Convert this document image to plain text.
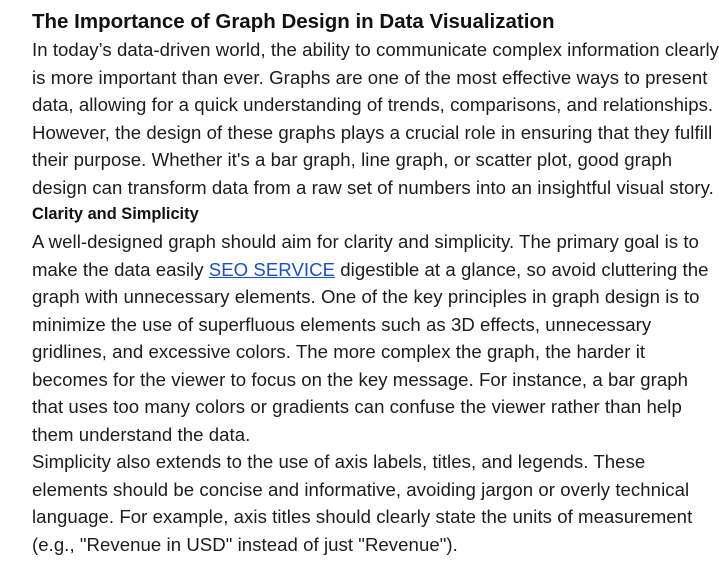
The Importance of Graph Design in Data Visualization

In today’s data-driven world, the ability to communicate complex information clearly is more important than ever. Graphs are one of the most effective ways to present data, allowing for a quick understanding of trends, comparisons, and relationships. However, the design of these graphs plays a crucial role in ensuring that they fulfill their purpose. Whether it's a bar graph, line graph, or scatter plot, good graph design can transform data from a raw set of numbers into an insightful visual story.

Clarity and Simplicity

A well-designed graph should aim for clarity and simplicity. The primary goal is to make the data easily SEO SERVICE digestible at a glance, so avoid cluttering the graph with unnecessary elements. One of the key principles in graph design is to minimize the use of superfluous elements such as 3D effects, unnecessary gridlines, and excessive colors. The more complex the graph, the harder it becomes for the viewer to focus on the key message. For instance, a bar graph that uses too many colors or gradients can confuse the viewer rather than help them understand the data.

Simplicity also extends to the use of axis labels, titles, and legends. These elements should be concise and informative, avoiding jargon or overly technical language. For example, axis titles should clearly state the units of measurement (e.g., "Revenue in USD" instead of just "Revenue").
